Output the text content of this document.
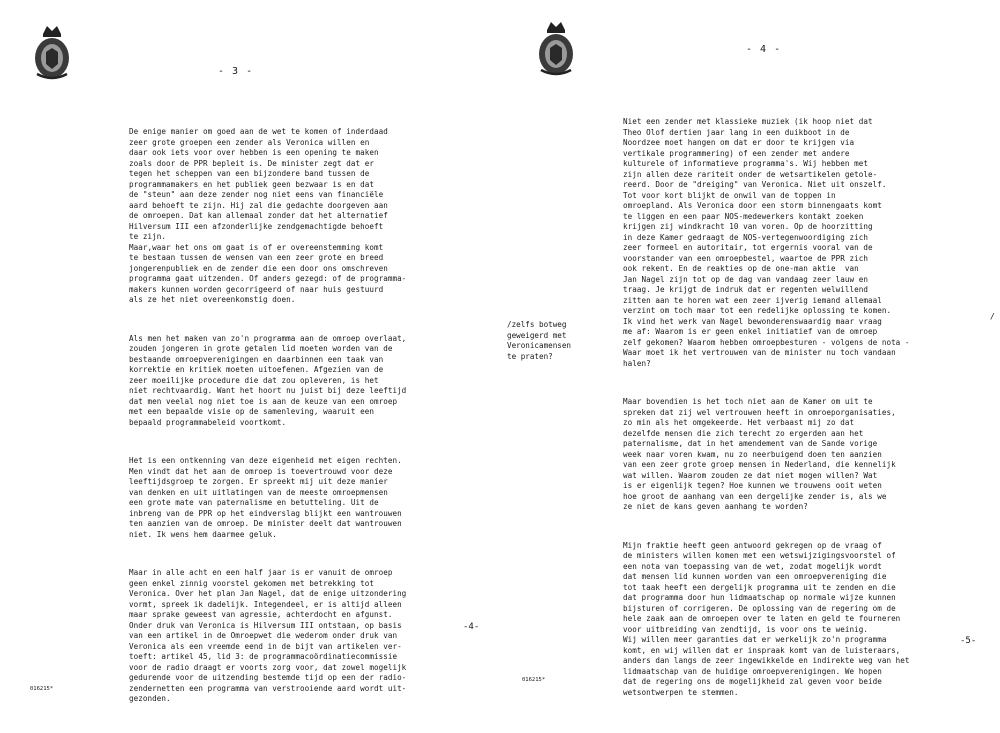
- 3 -

De enige manier om goed aan de wet te komen of inderdaad

zeer grote groepen een zender als Veronica willen en

daar ook iets voor over hebben is een opening te maken

zoals door de PPR bepleit is. De minister zegt dat er

tegen het scheppen van een bijzondere band tussen de

programmamakers en het publiek geen bezwaar is en dat

de "steun" aan deze zender nog niet eens van financiële

aard behoeft te zijn. Hij zal die gedachte doorgeven aan

de omroepen. Dat kan allemaal zonder dat het alternatief

Hilversum III een afzonderlijke zendgemachtigde behoeft

te zijn.

Maar,waar het ons om gaat is of er overeenstemming komt

te bestaan tussen de wensen van een zeer grote en breed

jongerenpubliek en de zender die een door ons omschreven

programma gaat uitzenden. Of anders gezegd: of de programma-

makers kunnen worden gecorrigeerd of naar huis gestuurd

als ze het niet overeenkomstig doen.

Als men het maken van zo'n programma aan de omroep overlaat,

zouden jongeren in grote getalen lid moeten worden van de

bestaande omroepverenigingen en daarbinnen een taak van

korrektie en kritiek moeten uitoefenen. Afgezien van de

zeer moeilijke procedure die dat zou opleveren, is het

niet rechtvaardig. Want het hoort nu juist bij deze leeftijd

dat men veelal nog niet toe is aan de keuze van een omroep

met een bepaalde visie op de samenleving, waaruit een

bepaald programmabeleid voortkomt.

Het is een ontkenning van deze eigenheid met eigen rechten.

Men vindt dat het aan de omroep is toevertrouwd voor deze

leeftijdsgroep te zorgen. Er spreekt mij uit deze manier

van denken en uit uitlatingen van de meeste omroepmensen

een grote mate van paternalisme en betutteling. Uit de

inbreng van de PPR op het eindverslag blijkt een wantrouwen

ten aanzien van de omroep. De minister deelt dat wantrouwen

niet. Ik wens hem daarmee geluk.

Maar in alle acht en een half jaar is er vanuit de omroep

geen enkel zinnig voorstel gekomen met betrekking tot

Veronica. Over het plan Jan Nagel, dat de enige uitzondering

vormt, spreek ik dadelijk. Integendeel, er is altijd alleen

maar sprake geweest van agressie, achterdocht en afgunst.

Onder druk van Veronica is Hilversum III ontstaan, op basis

van een artikel in de Omroepwet die wederom onder druk van

Veronica als een vreemde eend in de bijt van artikelen ver-

toeft: artikel 45, lid 3: de programmacoördinatiecommissie

voor de radio draagt er voorts zorg voor, dat zowel mogelijk

gedurende voor de uitzending bestemde tijd op een der radio-

zendernetten een programma van verstrooiende aard wordt uit-

gezonden.

-4-
016215*
- 4 -
/zelfs botweg
geweigerd met
Veronicamensen
te praten?

Niet een zender met klassieke muziek (ik hoop niet dat

Theo Olof dertien jaar lang in een duikboot in de

Noordzee moet hangen om dat er door te krijgen via

vertikale programmering) of een zender met andere

kulturele of informatieve programma's. Wij hebben met

zijn allen deze rariteit onder de wetsartikelen getole-

reerd. Door de "dreiging" van Veronica. Niet uit onszelf.

Tot voor kort blijkt de onwil van de toppen in

omroepland. Als Veronica door een storm binnengaats komt

te liggen en een paar NOS-medewerkers kontakt zoeken

krijgen zij windkracht 10 van voren. Op de hoorzitting

in deze Kamer gedraagt de NOS-vertegenwoordiging zich

zeer formeel en autoritair, tot ergernis vooral van de

voorstander van een omroepbestel, waartoe de PPR zich

ook rekent. En de reakties op de one-man aktie  van

Jan Nagel zijn tot op de dag van vandaag zeer lauw en

traag. Je krijgt de indruk dat er regenten welwillend

zitten aan te horen wat een zeer ijverig iemand allemaal

verzint om toch maar tot een redelijke oplossing te komen.

Ik vind het werk van Nagel bewonderenswaardig maar vraag

me af: Waarom is er geen enkel initiatief van de omroep

zelf gekomen? Waarom hebben omroepbesturen - volgens de nota -

Waar moet ik het vertrouwen van de minister nu toch vandaan

halen?

Maar bovendien is het toch niet aan de Kamer om uit te

spreken dat zij wel vertrouwen heeft in omroeporganisaties,

zo min als het omgekeerde. Het verbaast mij zo dat

dezelfde mensen die zich terecht zo ergerden aan het

paternalisme, dat in het amendement van de Sande vorige

week naar voren kwam, nu zo neerbuigend doen ten aanzien

van een zeer grote groep mensen in Nederland, die kennelijk

wat willen. Waarom zouden ze dat niet mogen willen? Wat

is er eigenlijk tegen? Hoe kunnen we trouwens ooit weten

hoe groot de aanhang van een dergelijke zender is, als we

ze niet de kans geven aanhang te worden?

Mijn fraktie heeft geen antwoord gekregen op de vraag of

de ministers willen komen met een wetswijzigingsvoorstel of

een nota van toepassing van de wet, zodat mogelijk wordt

dat mensen lid kunnen worden van een omroepvereniging die

tot taak heeft een dergelijk programma uit te zenden en die

dat programma door hun lidmaatschap op normale wijze kunnen

bijsturen of corrigeren. De oplossing van de regering om de

hele zaak aan de omroepen over te laten en geld te fourneren

voor uitbreiding van zendtijd, is voor ons te weinig.

Wij willen meer garanties dat er werkelijk zo'n programma

komt, en wij willen dat er inspraak komt van de luisteraars,

anders dan langs de zeer ingewikkelde en indirekte weg van het

lidmaatschap van de huidige omroepverenigingen. We hopen

dat de regering ons de mogelijkheid zal geven voor beide

wetsontwerpen te stemmen.

/
-5-
016215*
